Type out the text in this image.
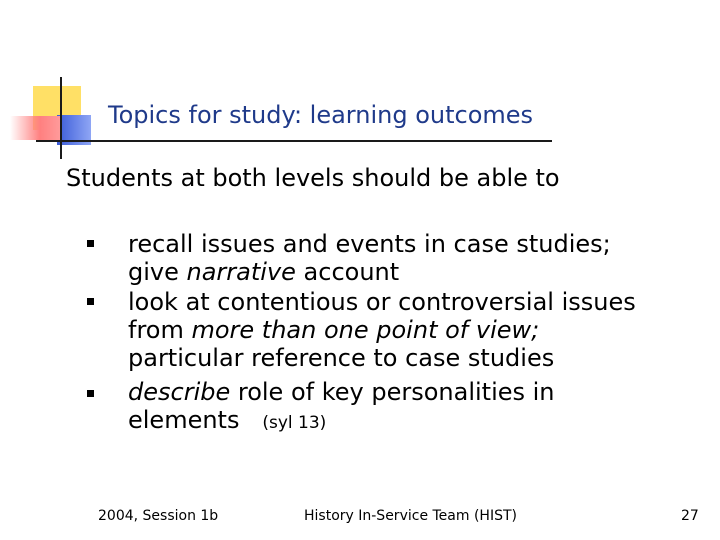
Topics for study: learning outcomes
Students at both levels should be able to
recall issues and events in case studies;
give narrative account
look at contentious or controversial issues
from more than one point of view;
particular reference to case studies
describe role of key personalities in
elements (syl 13)
2004, Session 1b	History In-Service Team (HIST)	27
